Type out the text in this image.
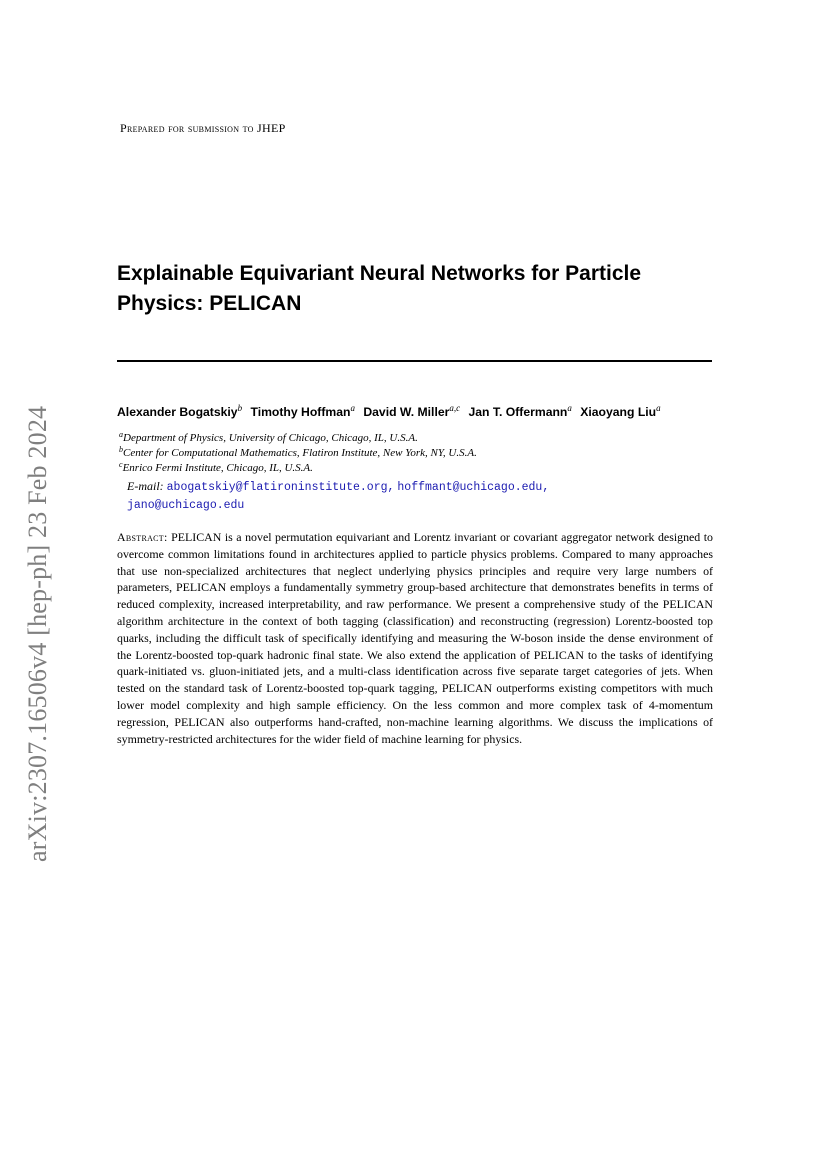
arXiv:2307.16506v4 [hep-ph] 23 Feb 2024
Prepared for submission to JHEP
Explainable Equivariant Neural Networks for Particle Physics: PELICAN
Alexander Bogatskiy$^b$ Timothy Hoffman$^a$ David W. Miller$^{a,c}$ Jan T. Offermann$^a$ Xiaoyang Liu$^a$
$^a$Department of Physics, University of Chicago, Chicago, IL, U.S.A.
$^b$Center for Computational Mathematics, Flatiron Institute, New York, NY, U.S.A.
$^c$Enrico Fermi Institute, Chicago, IL, U.S.A.
E-mail: abogatskiy@flatironinstitute.org, hoffmant@uchicago.edu,
jano@uchicago.edu

Abstract: PELICAN is a novel permutation equivariant and Lorentz invariant or covariant aggregator network designed to overcome common limitations found in architectures applied to particle physics problems. Compared to many approaches that use non-specialized architectures that neglect underlying physics principles and require very large numbers of parameters, PELICAN employs a fundamentally symmetry group-based architecture that demonstrates benefits in terms of reduced complexity, increased interpretability, and raw performance. We present a comprehensive study of the PELICAN algorithm architecture in the context of both tagging (classification) and reconstructing (regression) Lorentz-boosted top quarks, including the difficult task of specifically identifying and measuring the W-boson inside the dense environment of the Lorentz-boosted top-quark hadronic final state. We also extend the application of PELICAN to the tasks of identifying quark-initiated vs. gluon-initiated jets, and a multi-class identification across five separate target categories of jets. When tested on the standard task of Lorentz-boosted top-quark tagging, PELICAN outperforms existing competitors with much lower model complexity and high sample efficiency. On the less common and more complex task of 4-momentum regression, PELICAN also outperforms hand-crafted, non-machine learning algorithms. We discuss the implications of symmetry-restricted architectures for the wider field of machine learning for physics.
